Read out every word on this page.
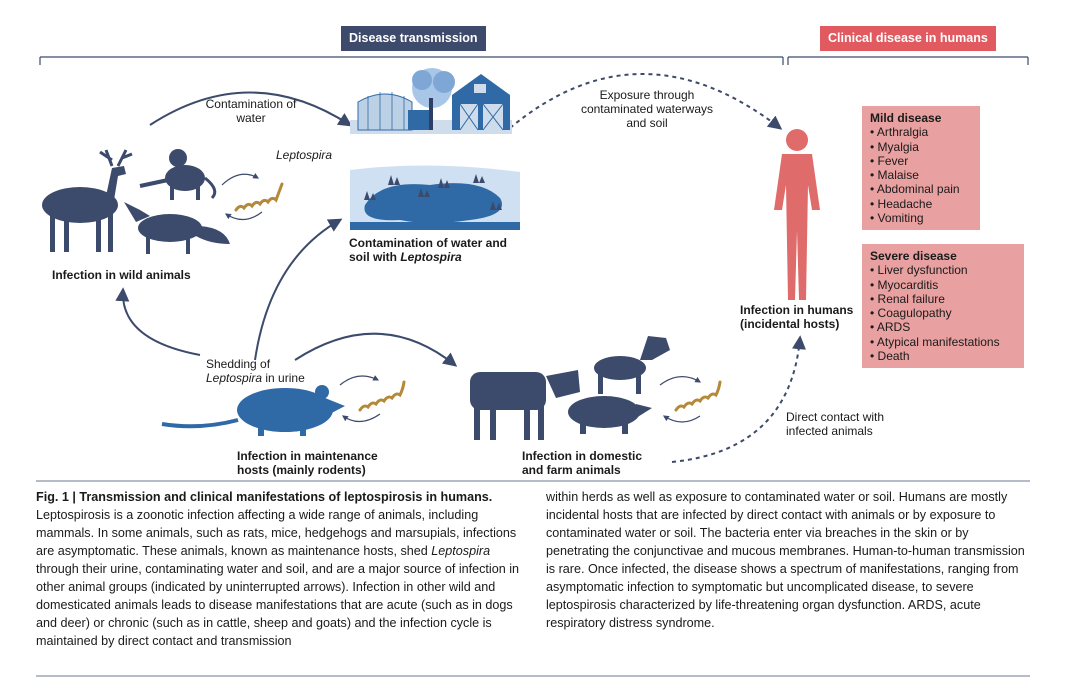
Disease transmission	Clinical disease in humans
Contamination of water
Leptospira
Contamination of water and soil with Leptospira
Exposure through contaminated waterways and soil
Infection in wild animals
Shedding of Leptospira in urine
Infection in maintenance hosts (mainly rodents)
Infection in domestic and farm animals
Infection in humans (incidental hosts)
Direct contact with infected animals
Mild disease
• Arthralgia
• Myalgia
• Fever
• Malaise
• Abdominal pain
• Headache
• Vomiting
Severe disease
• Liver dysfunction
• Myocarditis
• Renal failure
• Coagulopathy
• ARDS
• Atypical manifestations
• Death

Fig. 1 | Transmission and clinical manifestations of leptospirosis in humans.

Leptospirosis is a zoonotic infection affecting a wide range of animals, including mammals. In some animals, such as rats, mice, hedgehogs and marsupials, infections are asymptomatic. These animals, known as maintenance hosts, shed Leptospira through their urine, contaminating water and soil, and are a major source of infection in other animal groups (indicated by uninterrupted arrows). Infection in other wild and domesticated animals leads to disease manifestations that are acute (such as in dogs and deer) or chronic (such as in cattle, sheep and goats) and the infection cycle is maintained by direct contact and transmission

within herds as well as exposure to contaminated water or soil. Humans are mostly incidental hosts that are infected by direct contact with animals or by exposure to contaminated water or soil. The bacteria enter via breaches in the skin or by penetrating the conjunctivae and mucous membranes. Human-to-human transmission is rare. Once infected, the disease shows a spectrum of manifestations, ranging from asymptomatic infection to symptomatic but uncomplicated disease, to severe leptospirosis characterized by life-threatening organ dysfunction. ARDS, acute respiratory distress syndrome.
